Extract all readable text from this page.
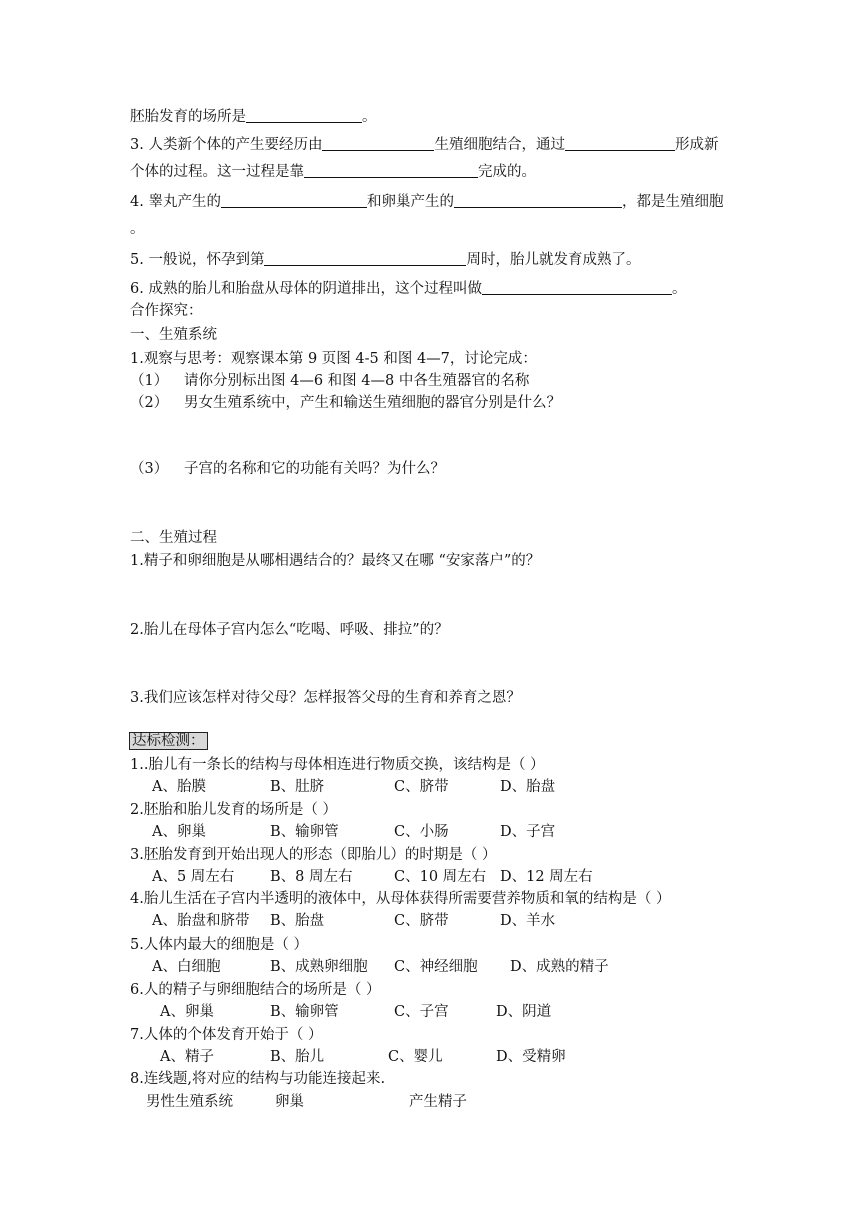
胚胎发育的场所是	。
3. 人类新个体的产生要经历由	生殖细胞结合，通过	形成新
个体的过程。这一过程是靠	完成的。
4. 睾丸产生的	和卵巢产生的	，都是生殖细胞
。
5. 一般说，怀孕到第	周时，胎儿就发育成熟了。
6. 成熟的胎儿和胎盘从母体的阴道排出，这个过程叫做	。
合作探究：
一、生殖系统
1.观察与思考：观察课本第 9 页图 4-5 和图 4—7，讨论完成：
（1） 请你分别标出图 4—6 和图 4—8 中各生殖器官的名称
（2） 男女生殖系统中，产生和输送生殖细胞的器官分别是什么？
（3） 子宫的名称和它的功能有关吗？为什么？
二、生殖过程
1.精子和卵细胞是从哪相遇结合的？最终又在哪 “安家落户”的？
2.胎儿在母体子宫内怎么“吃喝、呼吸、排拉”的？
3.我们应该怎样对待父母？怎样报答父母的生育和养育之恩？
达标检测：
1..胎儿有一条长的结构与母体相连进行物质交换，该结构是（ ）
A、胎膜	B、肚脐	C、脐带	D、胎盘
2.胚胎和胎儿发育的场所是（ ）
A、卵巢	B、输卵管	C、小肠	D、子宫
3.胚胎发育到开始出现人的形态（即胎儿）的时期是（ ）
A、5 周左右 B、8 周左右	C、10 周左右 D、12 周左右
4.胎儿生活在子宫内半透明的液体中，从母体获得所需要营养物质和氧的结构是（ ）
A、胎盘和脐带 B、胎盘	C、脐带	D、羊水
5.人体内最大的细胞是（ ）
A、白细胞	B、成熟卵细胞 C、神经细胞 D、成熟的精子
6.人的精子与卵细胞结合的场所是（ ）
A、卵巢	B、输卵管	C、子宫	D、阴道
7.人体的个体发育开始于（ ）
A、精子	B、胎儿	C、婴儿	D、受精卵
8.连线题,将对应的结构与功能连接起来.
男性生殖系统	卵巢	产生精子
